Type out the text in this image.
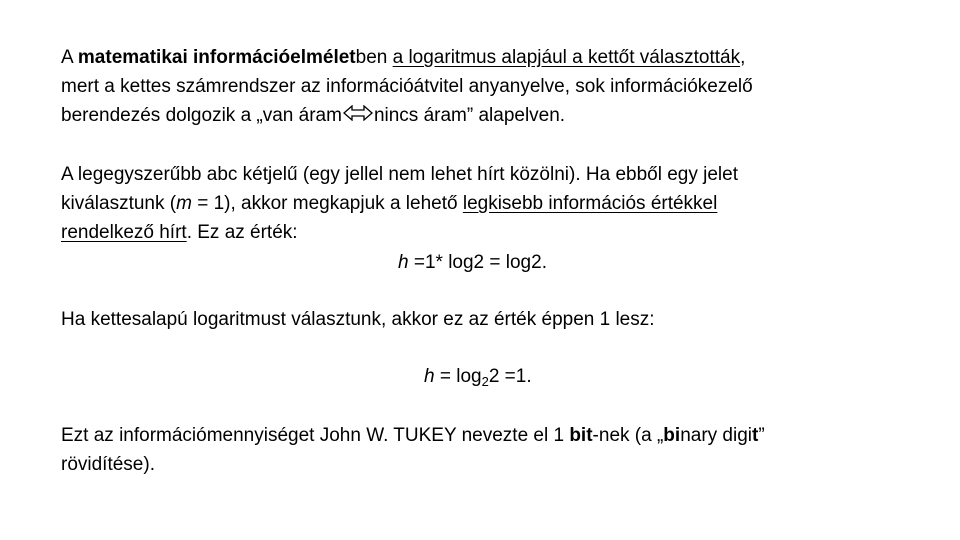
A matematikai információelméletben a logaritmus alapjául a kettőt választották,
mert a kettes számrendszer az információátvitel anyanyelve, sok információkezelő
berendezés dolgozik a „van áram nincs áram” alapelven.
A legegyszerűbb abc kétjelű (egy jellel nem lehet hírt közölni). Ha ebből egy jelet
kiválasztunk (m = 1), akkor megkapjuk a lehető legkisebb információs értékkel
rendelkező hírt. Ez az érték:
h =1* log2 = log2.
Ha kettesalapú logaritmust választunk, akkor ez az érték éppen 1 lesz:
$h = \log_22 =1$.
Ezt az információmennyiséget John W. TUKEY nevezte el 1 bit-nek (a „binary digit”
rövidítése).
